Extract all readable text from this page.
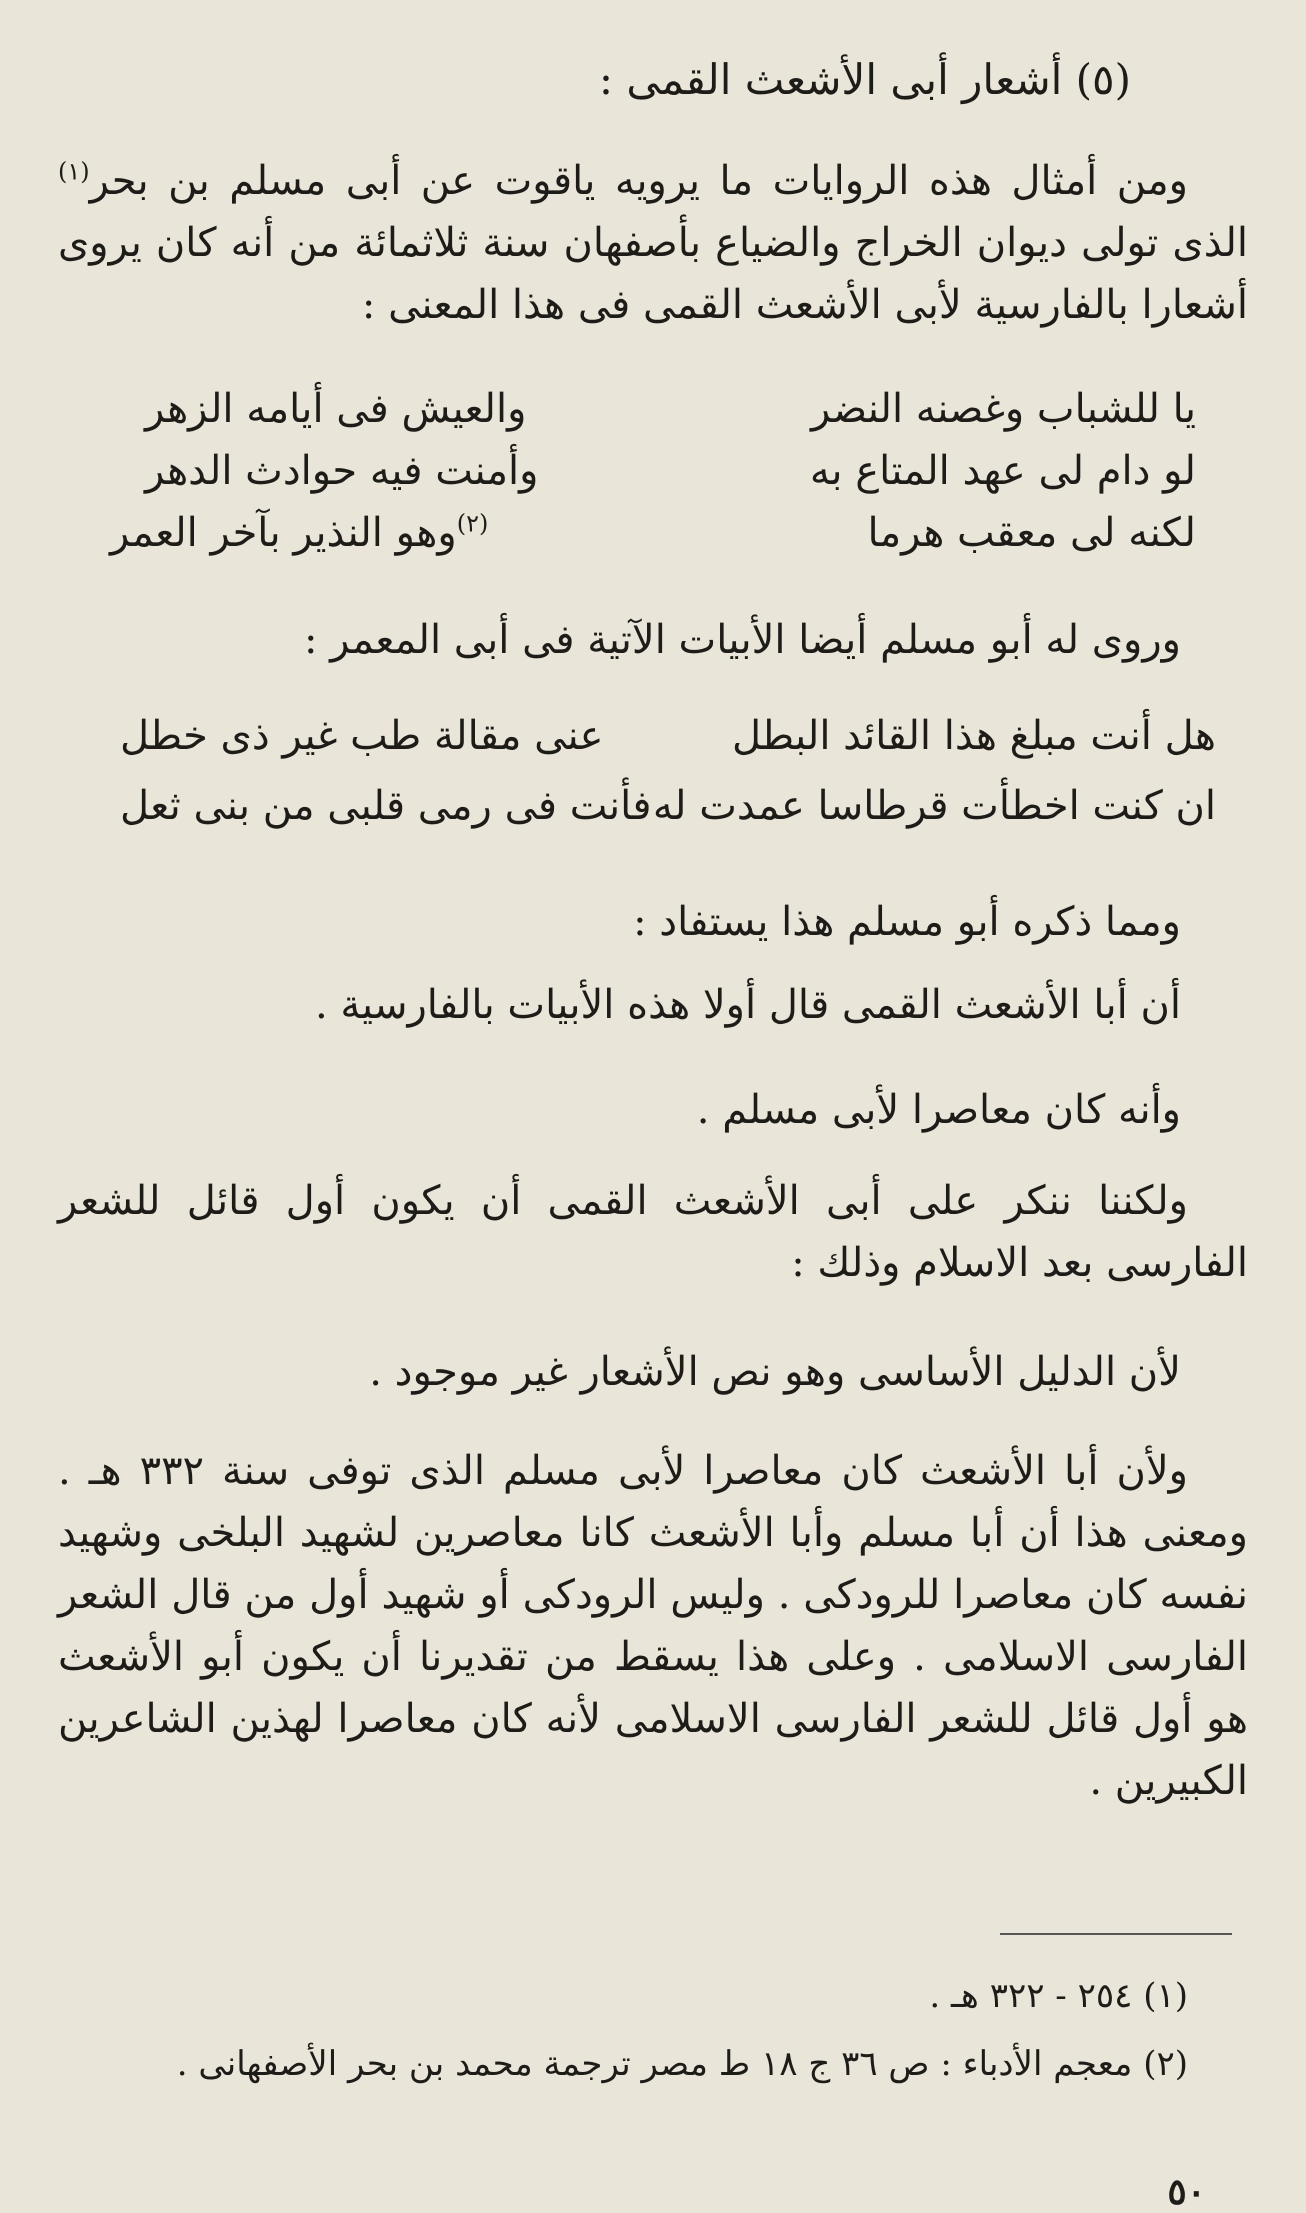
(٥) أشعار أبى الأشعث القمى :
ومن أمثال هذه الروايات ما يرويه ياقوت عن أبى مسلم بن بحر$^{(١)}$ الذى تولى ديوان الخراج والضياع بأصفهان سنة ثلاثمائة من أنه كان يروى أشعارا بالفارسية لأبى الأشعث القمى فى هذا المعنى :
يا للشباب وغصنه النضر
والعيش فى أيامه الزهر
لو دام لى عهد المتاع به
وأمنت فيه حوادث الدهر
لكنه لى معقب هرما
$^{(٢)}$وهو النذير بآخر العمر
وروى له أبو مسلم أيضا الأبيات الآتية فى أبى المعمر :
هل أنت مبلغ هذا القائد البطل
عنى مقالة طب غير ذى خطل
ان كنت اخطأت قرطاسا عمدت له
فأنت فى رمى قلبى من بنى ثعل
ومما ذكره أبو مسلم هذا يستفاد :
أن أبا الأشعث القمى قال أولا هذه الأبيات بالفارسية .
وأنه كان معاصرا لأبى مسلم .
ولكننا ننكر على أبى الأشعث القمى أن يكون أول قائل للشعر الفارسى بعد الاسلام وذلك :
لأن الدليل الأساسى وهو نص الأشعار غير موجود .
ولأن أبا الأشعث كان معاصرا لأبى مسلم الذى توفى سنة ٣٣٢ هـ . ومعنى هذا أن أبا مسلم وأبا الأشعث كانا معاصرين لشهيد البلخى وشهيد نفسه كان معاصرا للرودكى . وليس الرودكى أو شهيد أول من قال الشعر الفارسى الاسلامى . وعلى هذا يسقط من تقديرنا أن يكون أبو الأشعث هو أول قائل للشعر الفارسى الاسلامى لأنه كان معاصرا لهذين الشاعرين الكبيرين .
(١) ٢٥٤ - ٣٢٢ هـ .
(٢) معجم الأدباء : ص ٣٦ ج ١٨ ط مصر ترجمة محمد بن بحر الأصفهانى .
٥٠
